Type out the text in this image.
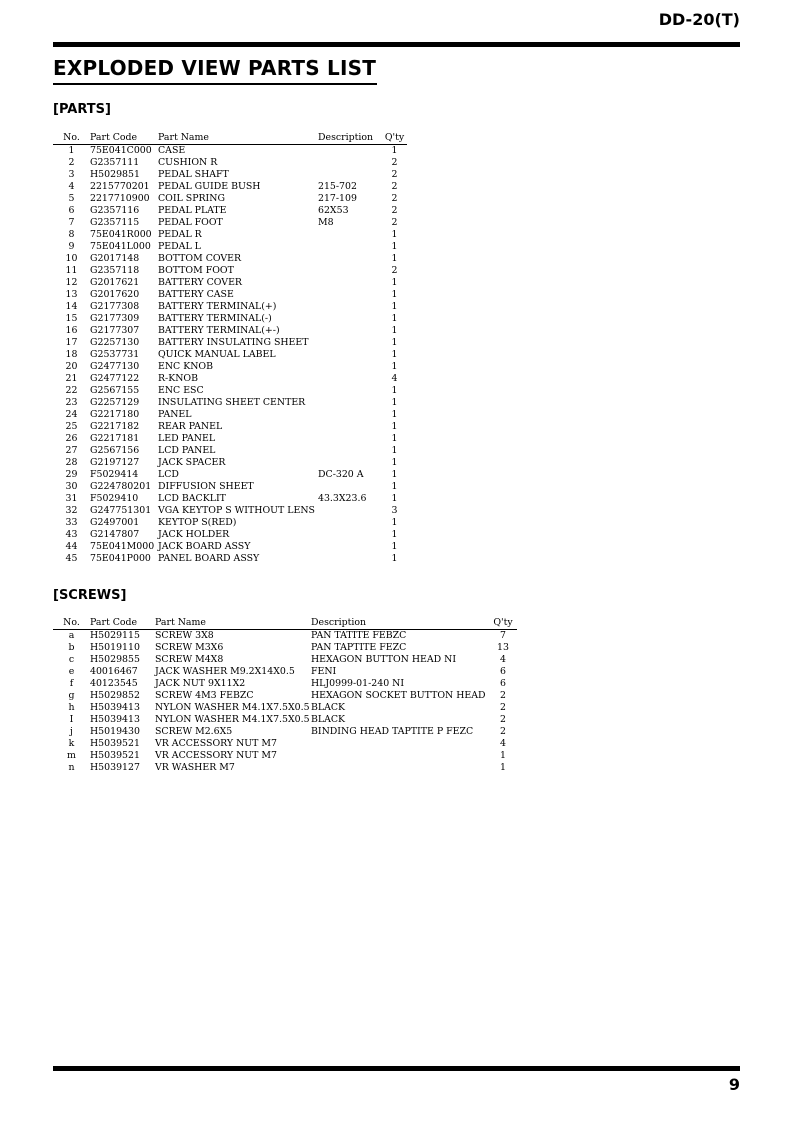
DD-20(T)
EXPLODED VIEW PARTS LIST
[PARTS]
No.	Part Code	Part Name	Description	Q'ty
1	75E041C000	CASE		1
2	G2357111	CUSHION R		2
3	H5029851	PEDAL SHAFT		2
4	2215770201	PEDAL GUIDE BUSH	215-702	2
5	2217710900	COIL SPRING	217-109	2
6	G2357116	PEDAL PLATE	62X53	2
7	G2357115	PEDAL FOOT	M8	2
8	75E041R000	PEDAL R		1
9	75E041L000	PEDAL L		1
10	G2017148	BOTTOM COVER		1
11	G2357118	BOTTOM FOOT		2
12	G2017621	BATTERY COVER		1
13	G2017620	BATTERY CASE		1
14	G2177308	BATTERY TERMINAL(+)		1
15	G2177309	BATTERY TERMINAL(-)		1
16	G2177307	BATTERY TERMINAL(+-)		1
17	G2257130	BATTERY INSULATING SHEET		1
18	G2537731	QUICK MANUAL LABEL		1
20	G2477130	ENC KNOB		1
21	G2477122	R-KNOB		4
22	G2567155	ENC ESC		1
23	G2257129	INSULATING SHEET CENTER		1
24	G2217180	PANEL		1
25	G2217182	REAR PANEL		1
26	G2217181	LED PANEL		1
27	G2567156	LCD PANEL		1
28	G2197127	JACK SPACER		1
29	F5029414	LCD	DC-320 A	1
30	G224780201	DIFFUSION SHEET		1
31	F5029410	LCD BACKLIT	43.3X23.6	1
32	G247751301	VGA KEYTOP S WITHOUT LENS		3
33	G2497001	KEYTOP S(RED)		1
43	G2147807	JACK HOLDER		1
44	75E041M000	JACK BOARD ASSY		1
45	75E041P000	PANEL BOARD ASSY		1
[SCREWS]
No.	Part Code	Part Name	Description	Q'ty
a	H5029115	SCREW 3X8	PAN TATITE FEBZC	7
b	H5019110	SCREW M3X6	PAN TAPTITE FEZC	13
c	H5029855	SCREW M4X8	HEXAGON BUTTON HEAD NI	4
e	40016467	JACK WASHER M9.2X14X0.5	FENI	6
f	40123545	JACK NUT 9X11X2	HLJ0999-01-240 NI	6
g	H5029852	SCREW 4M3 FEBZC	HEXAGON SOCKET BUTTON HEAD	2
h	H5039413	NYLON WASHER M4.1X7.5X0.5	BLACK	2
I	H5039413	NYLON WASHER M4.1X7.5X0.5	BLACK	2
j	H5019430	SCREW M2.6X5	BINDING HEAD TAPTITE P FEZC	2
k	H5039521	VR ACCESSORY NUT M7		4
m	H5039521	VR ACCESSORY NUT M7		1
n	H5039127	VR WASHER M7		1
9
